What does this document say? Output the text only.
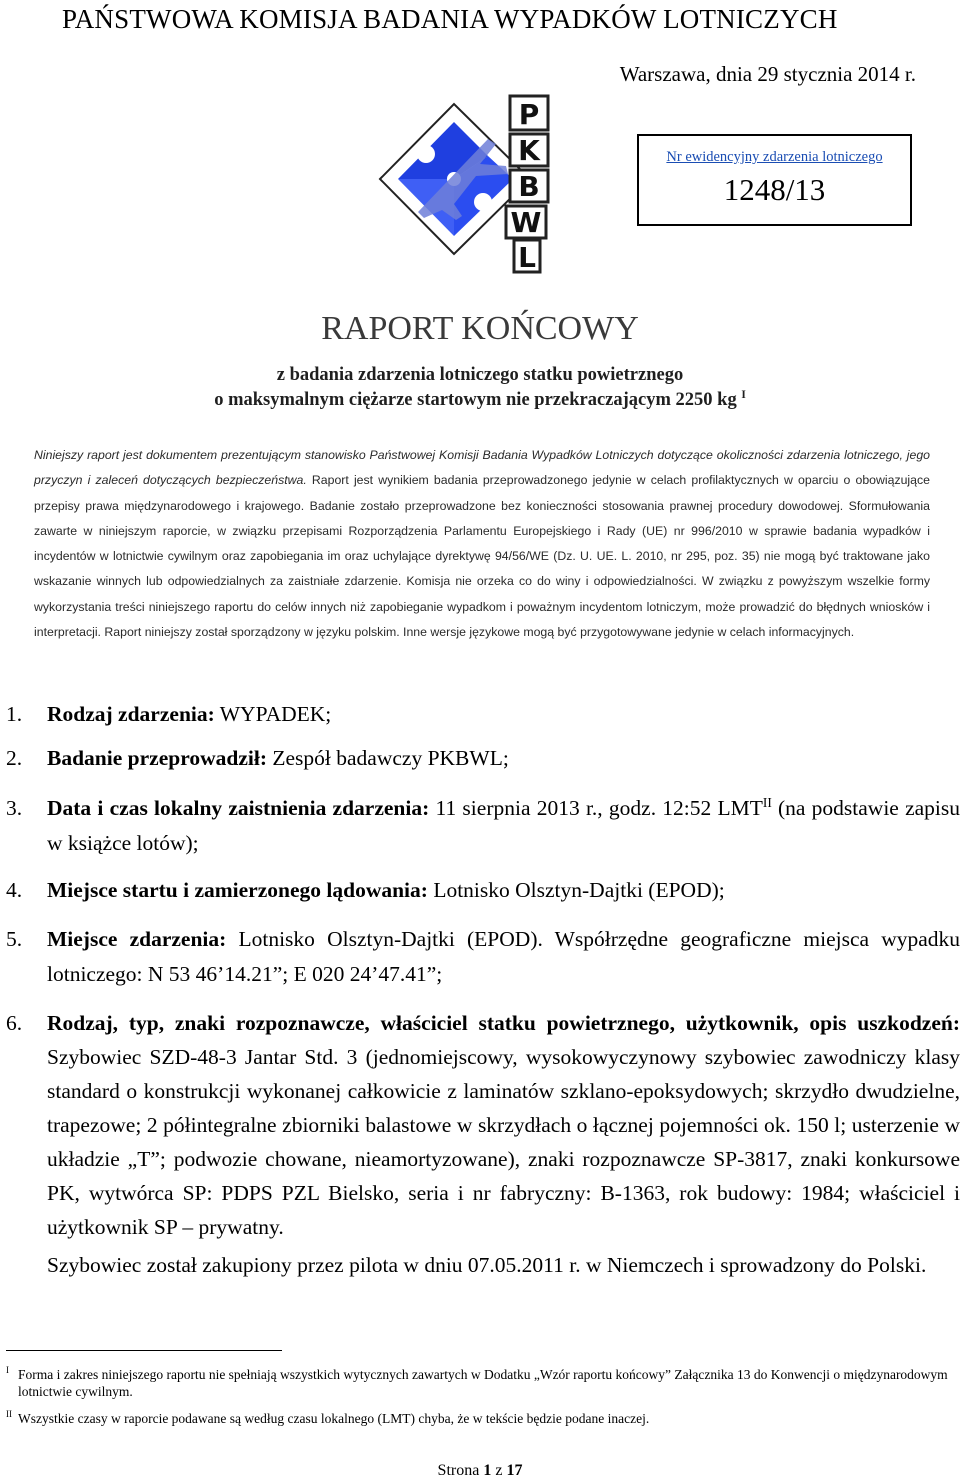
PAŃSTWOWA KOMISJA BADANIA WYPADKÓW LOTNICZYCH
Warszawa, dnia 29 stycznia 2014 r.
P
K
B
W
L
Nr ewidencyjny zdarzenia lotniczego
1248/13
RAPORT KOŃCOWY
z badania zdarzenia lotniczego statku powietrznego
o maksymalnym ciężarze startowym nie przekraczającym 2250 kg $^I$
Niniejszy raport jest dokumentem prezentującym stanowisko Państwowej Komisji Badania Wypadków Lotniczych dotyczące okoliczności zdarzenia lotniczego, jego przyczyn i zaleceń dotyczących bezpieczeństwa. Raport jest wynikiem badania przeprowadzonego jedynie w celach profilaktycznych w oparciu o obowiązujące przepisy prawa międzynarodowego i krajowego. Badanie zostało przeprowadzone bez konieczności stosowania prawnej procedury dowodowej. Sformułowania zawarte w niniejszym raporcie, w związku przepisami Rozporządzenia Parlamentu Europejskiego i Rady (UE) nr 996/2010 w sprawie badania wypadków i incydentów w lotnictwie cywilnym oraz zapobiegania im oraz uchylające dyrektywę 94/56/WE (Dz. U. UE. L. 2010, nr 295, poz. 35) nie mogą być traktowane jako wskazanie winnych lub odpowiedzialnych za zaistniałe zdarzenie. Komisja nie orzeka co do winy i odpowiedzialności. W związku z powyższym wszelkie formy wykorzystania treści niniejszego raportu do celów innych niż zapobieganie wypadkom i poważnym incydentom lotniczym, może prowadzić do błędnych wniosków i interpretacji. Raport niniejszy został sporządzony w języku polskim. Inne wersje językowe mogą być przygotowywane jedynie w celach informacyjnych.
1. Rodzaj zdarzenia: WYPADEK;
2. Badanie przeprowadził: Zespół badawczy PKBWL;
3. Data i czas lokalny zaistnienia zdarzenia: 11 sierpnia 2013 r., godz. 12:52 $LMT^{II}$ (na podstawie zapisu w książce lotów);
4. Miejsce startu i zamierzonego lądowania: Lotnisko Olsztyn-Dajtki (EPOD);
5. Miejsce zdarzenia: Lotnisko Olsztyn-Dajtki (EPOD). Współrzędne geograficzne miejsca wypadku lotniczego: N 53 46’14.21”; E 020 24’47.41”;
6. Rodzaj, typ, znaki rozpoznawcze, właściciel statku powietrznego, użytkownik, opis uszkodzeń: Szybowiec SZD-48-3 Jantar Std. 3 (jednomiejscowy, wysokowyczynowy szybowiec zawodniczy klasy standard o konstrukcji wykonanej całkowicie z laminatów szklano-epoksydowych; skrzydło dwudzielne, trapezowe; 2 półintegralne zbiorniki balastowe w skrzydłach o łącznej pojemności ok. 150 l; usterzenie w układzie „T”; podwozie chowane, nieamortyzowane), znaki rozpoznawcze SP-3817, znaki konkursowe PK, wytwórca SP: PDPS PZL Bielsko, seria i nr fabryczny: B-1363, rok budowy: 1984; właściciel i użytkownik SP – prywatny.
Szybowiec został zakupiony przez pilota w dniu 07.05.2011 r. w Niemczech i sprowadzony do Polski.
I Forma i zakres niniejszego raportu nie spełniają wszystkich wytycznych zawartych w Dodatku „Wzór raportu końcowy” Załącznika 13 do Konwencji o międzynarodowym lotnictwie cywilnym.
II Wszystkie czasy w raporcie podawane są według czasu lokalnego (LMT) chyba, że w tekście będzie podane inaczej.
Strona 1 z 17
